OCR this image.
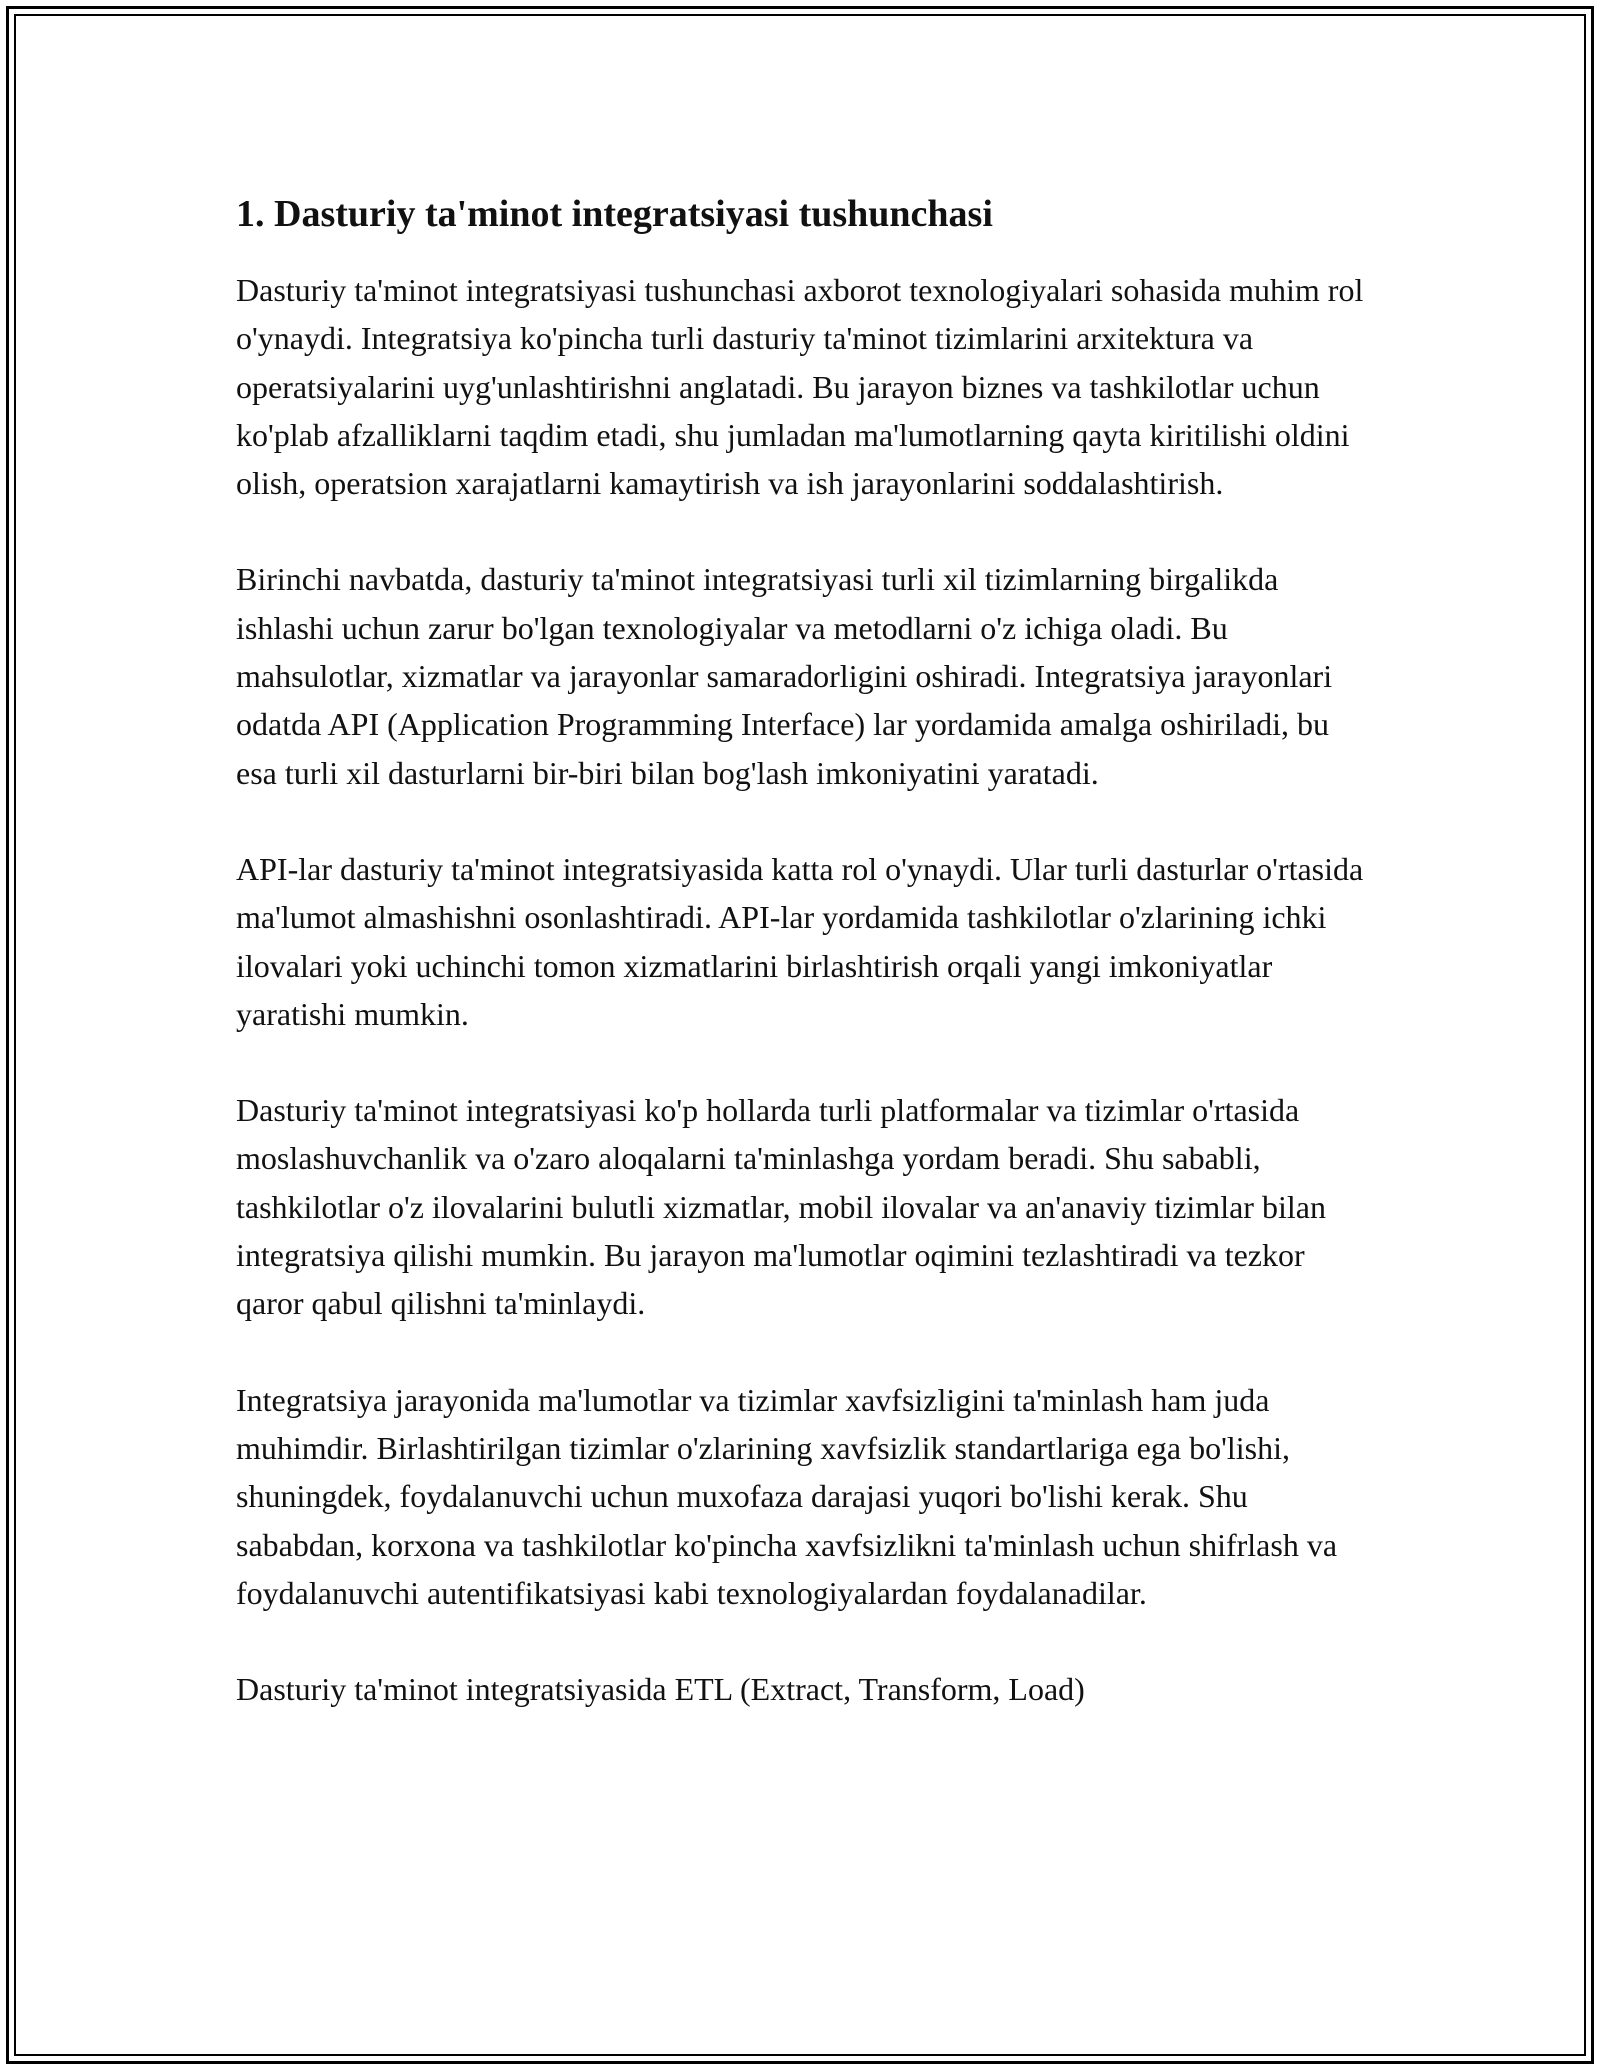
1. Dasturiy ta'minot integratsiyasi tushunchasi

Dasturiy ta'minot integratsiyasi tushunchasi axborot texnologiyalari sohasida muhim rol o'ynaydi. Integratsiya ko'pincha turli dasturiy ta'minot tizimlarini arxitektura va operatsiyalarini uyg'unlashtirishni anglatadi. Bu jarayon biznes va tashkilotlar uchun ko'plab afzalliklarni taqdim etadi, shu jumladan ma'lumotlarning qayta kiritilishi oldini olish, operatsion xarajatlarni kamaytirish va ish jarayonlarini soddalashtirish.

Birinchi navbatda, dasturiy ta'minot integratsiyasi turli xil tizimlarning birgalikda ishlashi uchun zarur bo'lgan texnologiyalar va metodlarni o'z ichiga oladi. Bu mahsulotlar, xizmatlar va jarayonlar samaradorligini oshiradi. Integratsiya jarayonlari odatda API (Application Programming Interface) lar yordamida amalga oshiriladi, bu esa turli xil dasturlarni bir-biri bilan bog'lash imkoniyatini yaratadi.

API-lar dasturiy ta'minot integratsiyasida katta rol o'ynaydi. Ular turli dasturlar o'rtasida ma'lumot almashishni osonlashtiradi. API-lar yordamida tashkilotlar o'zlarining ichki ilovalari yoki uchinchi tomon xizmatlarini birlashtirish orqali yangi imkoniyatlar yaratishi mumkin.

Dasturiy ta'minot integratsiyasi ko'p hollarda turli platformalar va tizimlar o'rtasida moslashuvchanlik va o'zaro aloqalarni ta'minlashga yordam beradi. Shu sababli, tashkilotlar o'z ilovalarini bulutli xizmatlar, mobil ilovalar va an'anaviy tizimlar bilan integratsiya qilishi mumkin. Bu jarayon ma'lumotlar oqimini tezlashtiradi va tezkor qaror qabul qilishni ta'minlaydi.

Integratsiya jarayonida ma'lumotlar va tizimlar xavfsizligini ta'minlash ham juda muhimdir. Birlashtirilgan tizimlar o'zlarining xavfsizlik standartlariga ega bo'lishi, shuningdek, foydalanuvchi uchun muxofaza darajasi yuqori bo'lishi kerak. Shu sababdan, korxona va tashkilotlar ko'pincha xavfsizlikni ta'minlash uchun shifrlash va foydalanuvchi autentifikatsiyasi kabi texnologiyalardan foydalanadilar.

Dasturiy ta'minot integratsiyasida ETL (Extract, Transform, Load)
